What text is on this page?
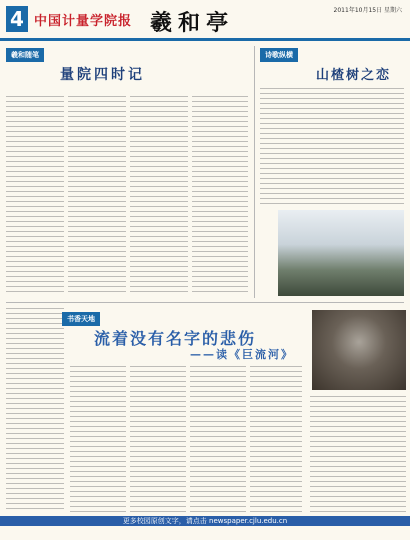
4 中国计量学院报 羲和亭	2011年10月15日 星期六
羲和随笔
量院四时记
诗歌纵横
山楂树之恋
书香天地
流着没有名字的悲伤
——读《巨流河》
更多校园原创文字，请点击 newspaper.cjlu.edu.cn
